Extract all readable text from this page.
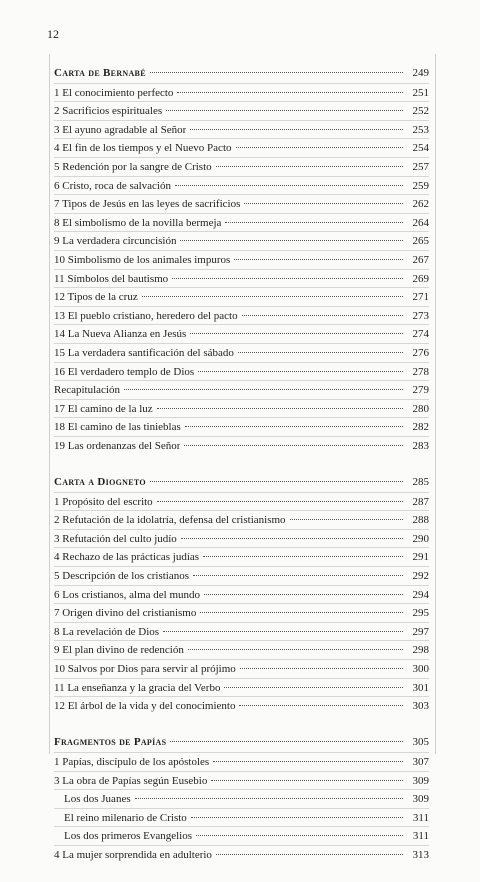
12
Carta de Bernabé	249
1 El conocimiento perfecto	251
2 Sacrificios espirituales	252
3 El ayuno agradable al Señor	253
4 El fin de los tiempos y el Nuevo Pacto	254
5 Redención por la sangre de Cristo	257
6 Cristo, roca de salvación	259
7 Tipos de Jesús en las leyes de sacrificios	262
8 El simbolismo de la novilla bermeja	264
9 La verdadera circuncisión	265
10 Simbolismo de los animales impuros	267
11 Símbolos del bautismo	269
12 Tipos de la cruz	271
13 El pueblo cristiano, heredero del pacto	273
14 La Nueva Alianza en Jesús	274
15 La verdadera santificación del sábado	276
16 El verdadero templo de Dios	278
Recapitulación	279
17 El camino de la luz	280
18 El camino de las tinieblas	282
19 Las ordenanzas del Señor	283
Carta a Diogneto	285
1 Propósito del escrito	287
2 Refutación de la idolatría, defensa del cristianismo	288
3 Refutación del culto judío	290
4 Rechazo de las prácticas judías	291
5 Descripción de los cristianos	292
6 Los cristianos, alma del mundo	294
7 Origen divino del cristianismo	295
8 La revelación de Dios	297
9 El plan divino de redención	298
10 Salvos por Dios para servir al prójimo	300
11 La enseñanza y la gracia del Verbo	301
12 El árbol de la vida y del conocimiento	303
Fragmentos de Papías	305
1 Papías, discípulo de los apóstoles	307
3 La obra de Papías según Eusebio	309
Los dos Juanes	309
El reino milenario de Cristo	311
Los dos primeros Evangelios	311
4 La mujer sorprendida en adulterio	313
